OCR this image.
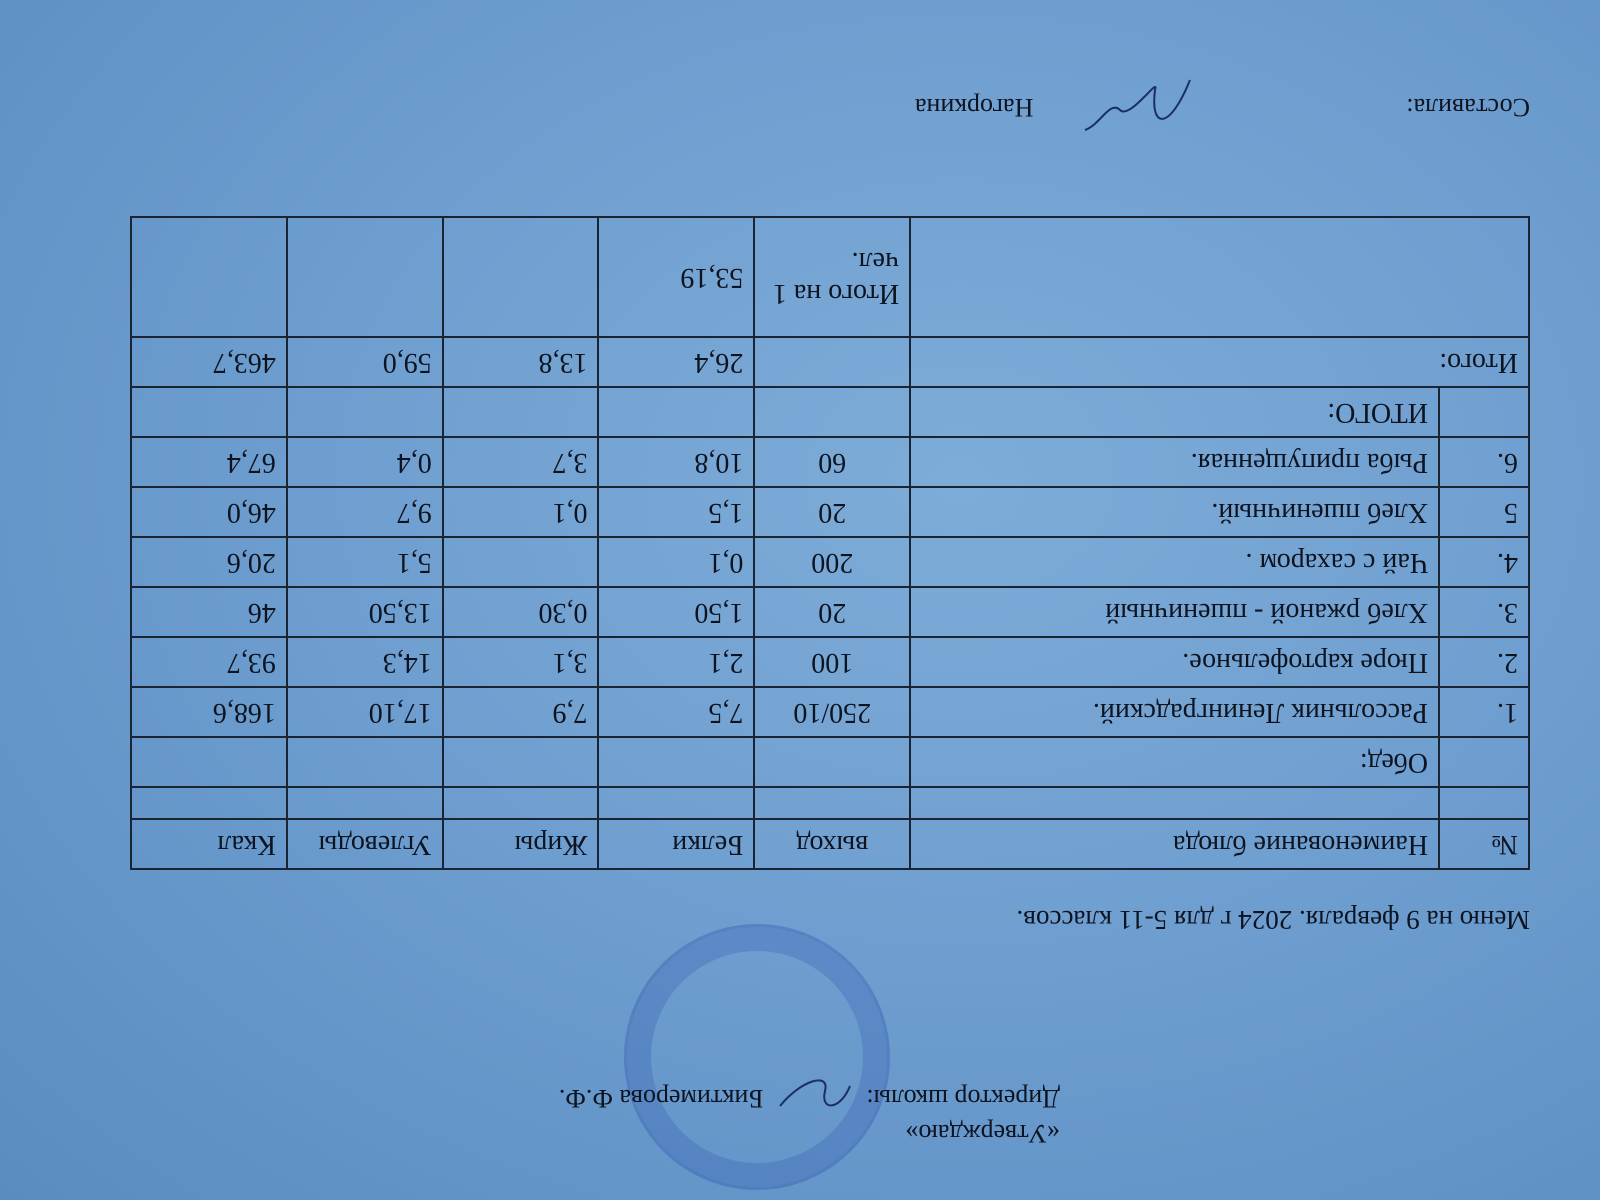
«Утверждаю»
Директор школы:  Биктимерова Ф.Ф.
Меню на 9 февраля. 2024 г для 5-11 классов.
№	Наименование блюда	выход	Белки	Жиры	Углеводы	Ккал

	Обед:					
1.	Рассольник Ленинградский.	250/10	7,5	7,9	17,10	168,6
2.	Пюре картофельное.	100	2,1	3,1	14,3	93,7
3.	Хлеб ржаной - пшеничный	20	1,50	0,30	13,50	46
4.	Чай с сахаром .	200	0,1		5,1	20,6
5	Хлеб пшеничный.	20	1,5	0,1	9,7	46,0
6.	Рыба припущенная.	60	10,8	3,7	0,4	67,4
	ИТОГО:					
Итого:			26,4	13,8	59,0	463,7
		Итого на 1 чел.	53,19			
Составила:  Нагоркина
